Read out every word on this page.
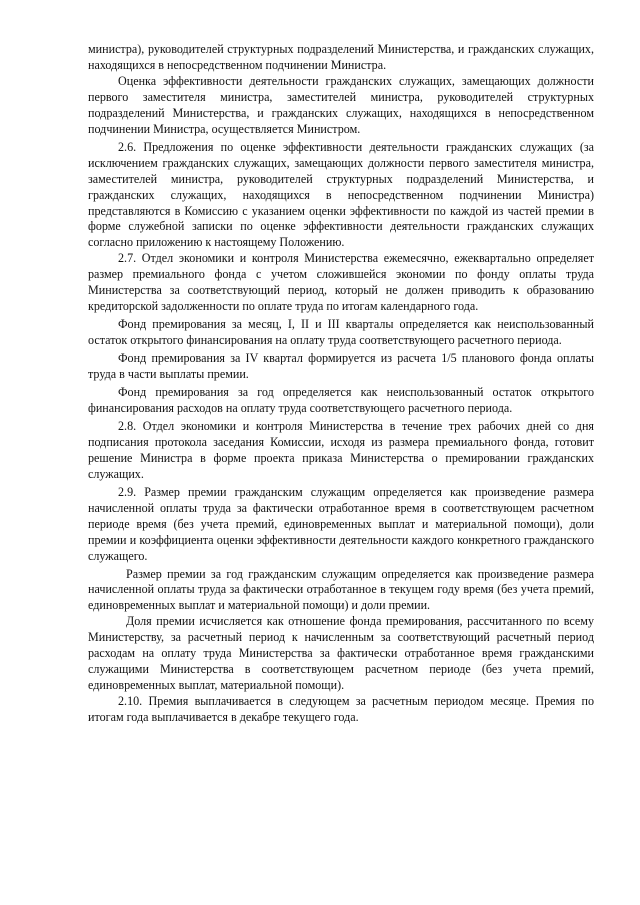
министра), руководителей структурных подразделений Министерства, и гражданских служащих, находящихся в непосредственном подчинении Министра.

Оценка эффективности деятельности гражданских служащих, замещающих должности первого заместителя министра, заместителей министра, руководителей структурных подразделений Министерства, и гражданских служащих, находящихся в непосредственном подчинении Министра, осуществляется Министром.

2.6. Предложения по оценке эффективности деятельности гражданских служащих (за исключением гражданских служащих, замещающих должности первого заместителя министра, заместителей министра, руководителей структурных подразделений Министерства, и гражданских служащих, находящихся в непосредственном подчинении Министра) представляются в Комиссию с указанием оценки эффективности по каждой из частей премии в форме служебной записки по оценке эффективности деятельности гражданских служащих согласно приложению к настоящему Положению.

2.7. Отдел экономики и контроля Министерства ежемесячно, ежеквартально определяет размер премиального фонда с учетом сложившейся экономии по фонду оплаты труда Министерства за соответствующий период, который не должен приводить к образованию кредиторской задолженности по оплате труда по итогам календарного года.

Фонд премирования за месяц, I, II и III кварталы определяется как неиспользованный остаток открытого финансирования на оплату труда соответствующего расчетного периода.

Фонд премирования за IV квартал формируется из расчета 1/5 планового фонда оплаты труда в части выплаты премии.

Фонд премирования за год определяется как неиспользованный остаток открытого финансирования расходов на оплату труда соответствующего расчетного периода.

2.8. Отдел экономики и контроля Министерства в течение трех рабочих дней со дня подписания протокола заседания Комиссии, исходя из размера премиального фонда, готовит решение Министра в форме проекта приказа Министерства о премировании гражданских служащих.

2.9. Размер премии гражданским служащим определяется как произведение размера начисленной оплаты труда за фактически отработанное время в соответствующем расчетном периоде время (без учета премий, единовременных выплат и материальной помощи), доли премии и коэффициента оценки эффективности деятельности каждого конкретного гражданского служащего.

Размер премии за год гражданским служащим определяется как произведение размера начисленной оплаты труда за фактически отработанное в текущем году время (без учета премий, единовременных выплат и материальной помощи) и доли премии.

Доля премии исчисляется как отношение фонда премирования, рассчитанного по всему Министерству, за расчетный период к начисленным за соответствующий расчетный период расходам на оплату труда Министерства за фактически отработанное время гражданскими служащими Министерства в соответствующем расчетном периоде (без учета премий, единовременных выплат, материальной помощи).

2.10. Премия выплачивается в следующем за расчетным периодом месяце. Премия по итогам года выплачивается в декабре текущего года.
